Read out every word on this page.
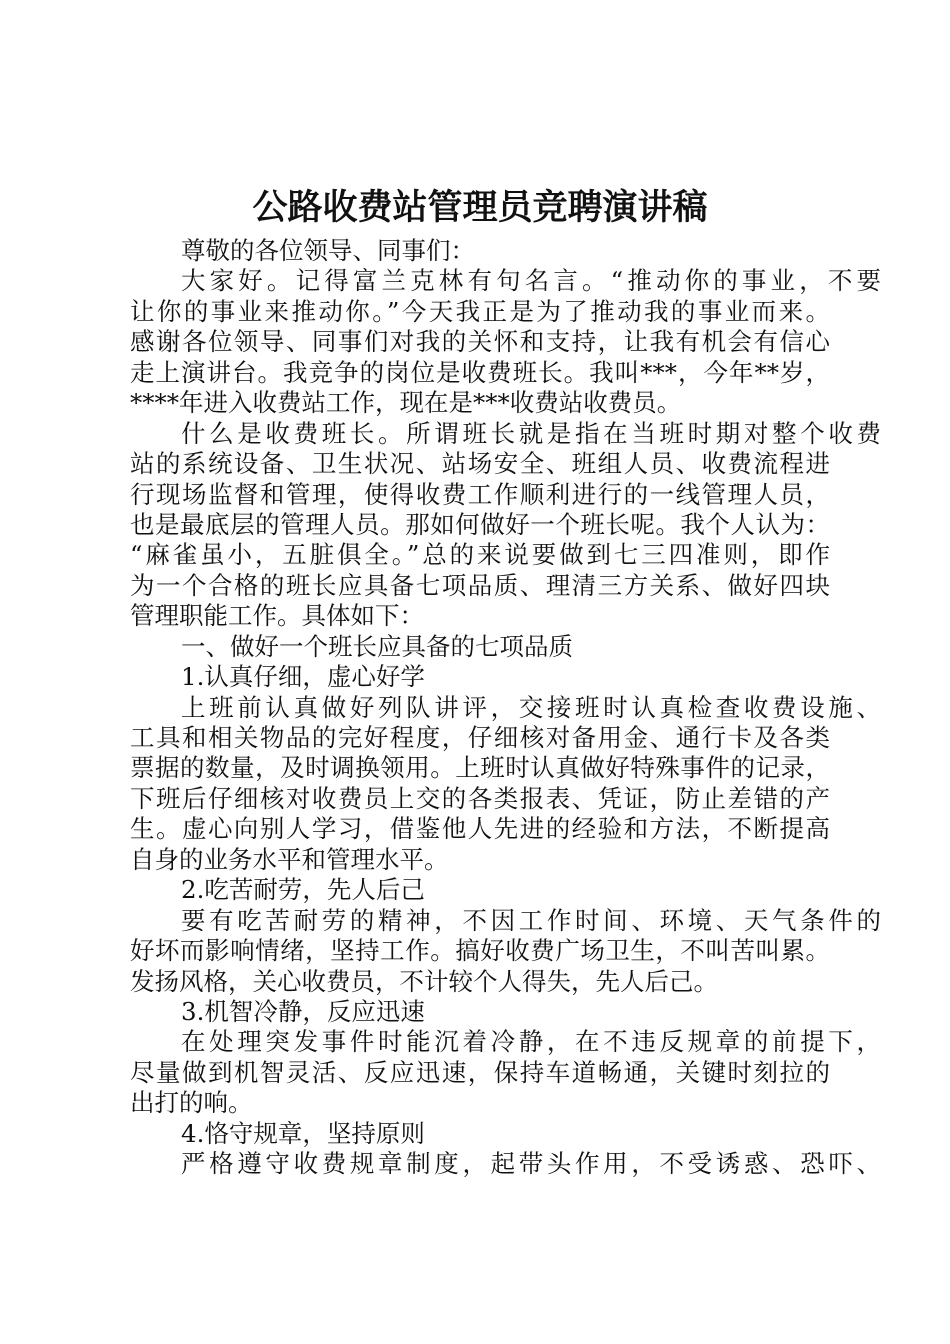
公路收费站管理员竞聘演讲稿
尊敬的各位领导、同事们：
大家好。记得富兰克林有句名言。“推动你的事业，不要
让你的事业来推动你。”今天我正是为了推动我的事业而来。
感谢各位领导、同事们对我的关怀和支持，让我有机会有信心
走上演讲台。我竞争的岗位是收费班长。我叫***，今年**岁，
****年进入收费站工作，现在是***收费站收费员。
什么是收费班长。所谓班长就是指在当班时期对整个收费
站的系统设备、卫生状况、站场安全、班组人员、收费流程进
行现场监督和管理，使得收费工作顺利进行的一线管理人员，
也是最底层的管理人员。那如何做好一个班长呢。我个人认为：
“麻雀虽小，五脏俱全。”总的来说要做到七三四准则，即作
为一个合格的班长应具备七项品质、理清三方关系、做好四块
管理职能工作。具体如下：
一、做好一个班长应具备的七项品质
1.认真仔细，虚心好学
上班前认真做好列队讲评，交接班时认真检查收费设施、
工具和相关物品的完好程度，仔细核对备用金、通行卡及各类
票据的数量，及时调换领用。上班时认真做好特殊事件的记录，
下班后仔细核对收费员上交的各类报表、凭证，防止差错的产
生。虚心向别人学习，借鉴他人先进的经验和方法，不断提高
自身的业务水平和管理水平。
2.吃苦耐劳，先人后己
要有吃苦耐劳的精神，不因工作时间、环境、天气条件的
好坏而影响情绪，坚持工作。搞好收费广场卫生，不叫苦叫累。
发扬风格，关心收费员，不计较个人得失，先人后己。
3.机智冷静，反应迅速
在处理突发事件时能沉着冷静，在不违反规章的前提下，
尽量做到机智灵活、反应迅速，保持车道畅通，关键时刻拉的
出打的响。
4.恪守规章，坚持原则
严格遵守收费规章制度，起带头作用，不受诱惑、恐吓、
